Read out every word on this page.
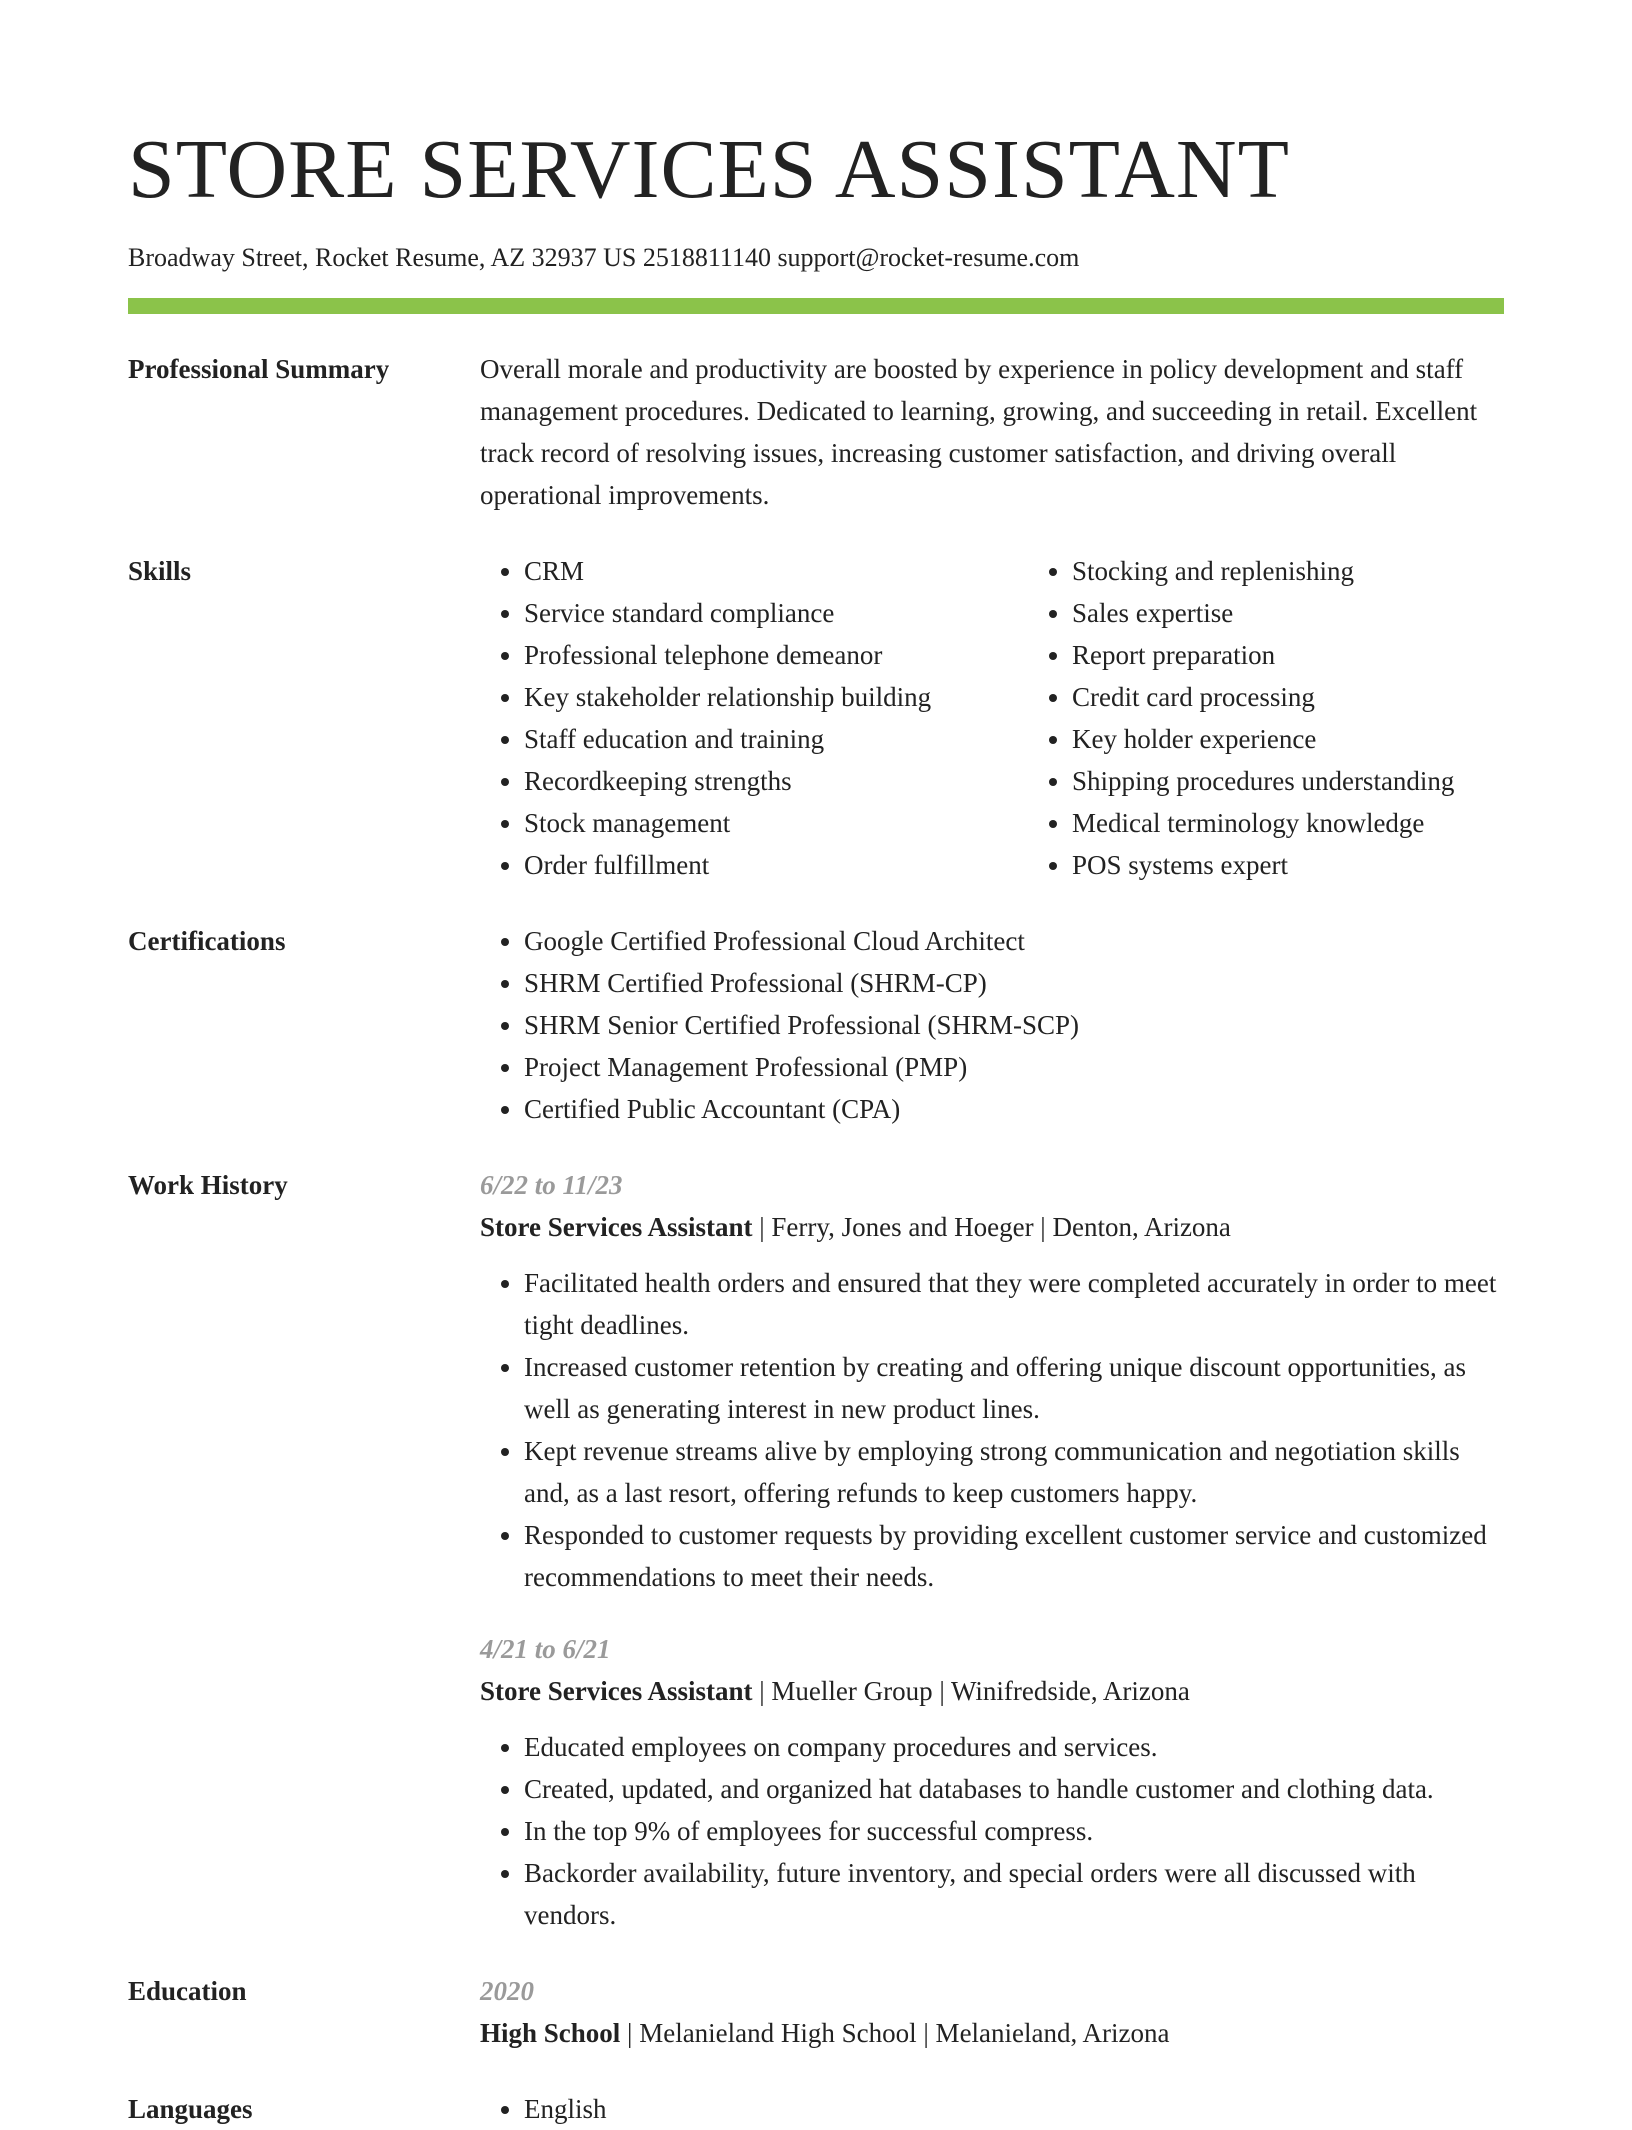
STORE SERVICES ASSISTANT
Broadway Street, Rocket Resume, AZ 32937 US 2518811140 support@rocket-resume.com
Professional Summary	Overall morale and productivity are boosted by experience in policy development and staff management procedures. Dedicated to learning, growing, and succeeding in retail. Excellent track record of resolving issues, increasing customer satisfaction, and driving overall operational improvements.

Skills	• CRM
• Service standard compliance
• Professional telephone demeanor
• Key stakeholder relationship building
• Staff education and training
• Recordkeeping strengths
• Stock management
• Order fulfillment
• Stocking and replenishing
• Sales expertise
• Report preparation
• Credit card processing
• Key holder experience
• Shipping procedures understanding
• Medical terminology knowledge
• POS systems expert
Certifications	• Google Certified Professional Cloud Architect
• SHRM Certified Professional (SHRM-CP)
• SHRM Senior Certified Professional (SHRM-SCP)
• Project Management Professional (PMP)
• Certified Public Accountant (CPA)
Work History	6/22 to 11/23
Store Services Assistant | Ferry, Jones and Hoeger | Denton, Arizona
• Facilitated health orders and ensured that they were completed accurately in order to meet tight deadlines.
• Increased customer retention by creating and offering unique discount opportunities, as well as generating interest in new product lines.
• Kept revenue streams alive by employing strong communication and negotiation skills and, as a last resort, offering refunds to keep customers happy.
• Responded to customer requests by providing excellent customer service and customized recommendations to meet their needs.
4/21 to 6/21
Store Services Assistant | Mueller Group | Winifredside, Arizona
• Educated employees on company procedures and services.
• Created, updated, and organized hat databases to handle customer and clothing data.
• In the top 9% of employees for successful compress.
• Backorder availability, future inventory, and special orders were all discussed with vendors.
Education	2020
High School | Melanieland High School | Melanieland, Arizona
Languages	• English
